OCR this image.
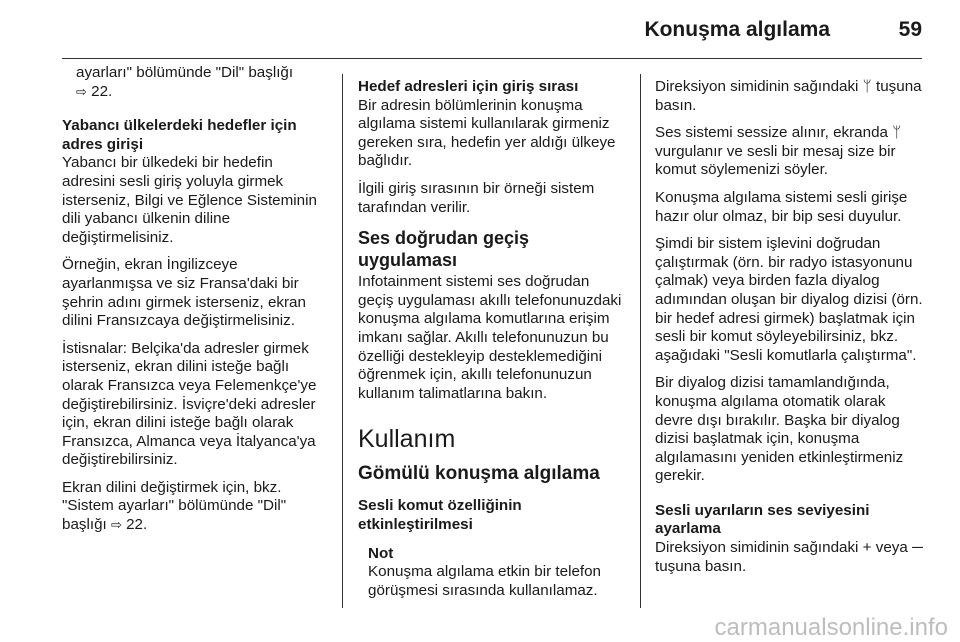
Konuşma algılama	59

ayarları" bölümünde "Dil" başlığı
⇨ 22.

Yabancı ülkelerdeki hedefler için adres girişi

Yabancı bir ülkedeki bir hedefin adresini sesli giriş yoluyla girmek isterseniz, Bilgi ve Eğlence Sisteminin dili yabancı ülkenin diline değiştirmelisiniz.

Örneğin, ekran İngilizceye ayarlanmışsa ve siz Fransa'daki bir şehrin adını girmek isterseniz, ekran dilini Fransızcaya değiştirmelisiniz.

İstisnalar: Belçika'da adresler girmek isterseniz, ekran dilini isteğe bağlı olarak Fransızca veya Felemenkçe'ye değiştirebilirsiniz. İsviçre'deki adresler için, ekran dilini isteğe bağlı olarak Fransızca, Almanca veya İtalyanca'ya değiştirebilirsiniz.

Ekran dilini değiştirmek için, bkz. "Sistem ayarları" bölümünde "Dil" başlığı ⇨ 22.

Hedef adresleri için giriş sırası

Bir adresin bölümlerinin konuşma algılama sistemi kullanılarak girmeniz gereken sıra, hedefin yer aldığı ülkeye bağlıdır.

İlgili giriş sırasının bir örneği sistem tarafından verilir.

Ses doğrudan geçiş uygulaması

Infotainment sistemi ses doğrudan geçiş uygulaması akıllı telefonunuzdaki konuşma algılama komutlarına erişim imkanı sağlar. Akıllı telefonunuzun bu özelliği destekleyip desteklemediğini öğrenmek için, akıllı telefonunuzun kullanım talimatlarına bakın.

Kullanım
Gömülü konuşma algılama
Sesli komut özelliğinin etkinleştirilmesi
Not
Konuşma algılama etkin bir telefon görüşmesi sırasında kullanılamaz.

Direksiyon simidinin sağındaki ᛘ tuşuna basın.

Ses sistemi sessize alınır, ekranda ᛘ vurgulanır ve sesli bir mesaj size bir komut söylemenizi söyler.

Konuşma algılama sistemi sesli girişe hazır olur olmaz, bir bip sesi duyulur.

Şimdi bir sistem işlevini doğrudan çalıştırmak (örn. bir radyo istasyonunu çalmak) veya birden fazla diyalog adımından oluşan bir diyalog dizisi (örn. bir hedef adresi girmek) başlatmak için sesli bir komut söyleyebilirsiniz, bkz. aşağıdaki "Sesli komutlarla çalıştırma".

Bir diyalog dizisi tamamlandığında, konuşma algılama otomatik olarak devre dışı bırakılır. Başka bir diyalog dizisi başlatmak için, konuşma algılamasını yeniden etkinleştirmeniz gerekir.

Sesli uyarıların ses seviyesini ayarlama

Direksiyon simidinin sağındaki + veya ─ tuşuna basın.

carmanualsonline.info
